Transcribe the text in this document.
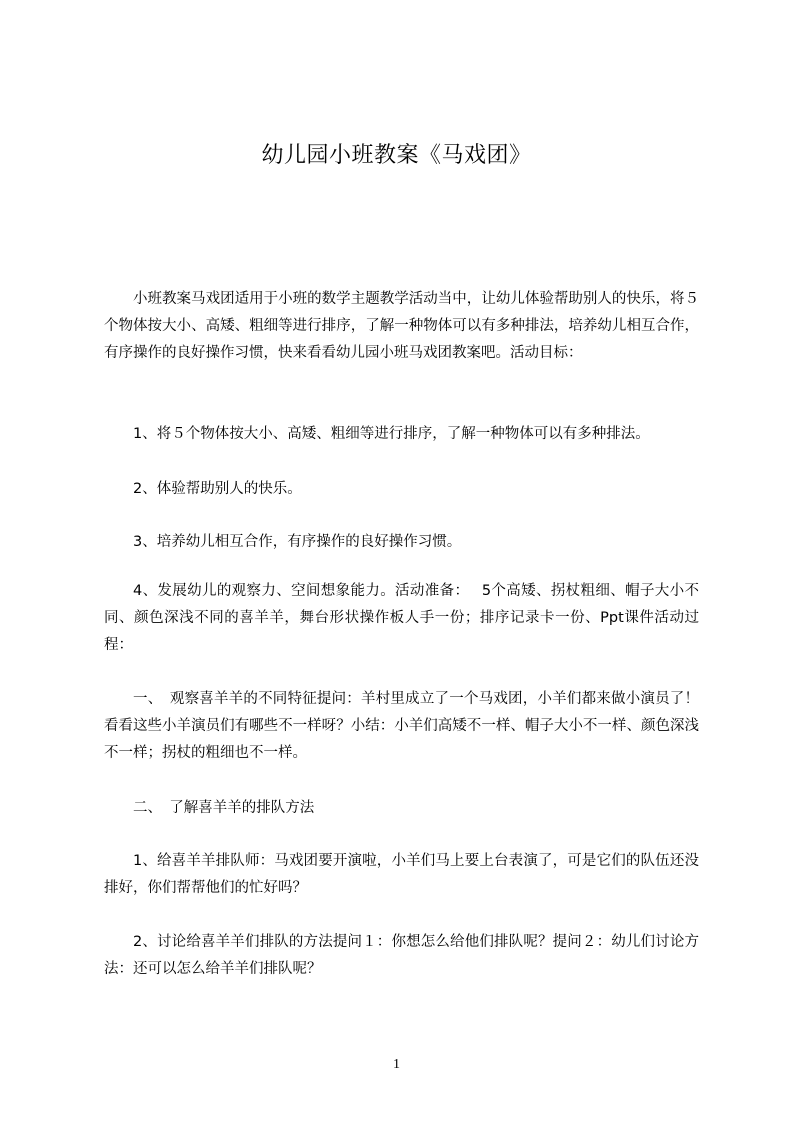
幼儿园小班教案《马戏团》

小班教案马戏团适用于小班的数学主题教学活动当中，让幼儿体验帮助别人的快乐，将５个物体按大小、高矮、粗细等进行排序，了解一种物体可以有多种排法，培养幼儿相互合作，有序操作的良好操作习惯，快来看看幼儿园小班马戏团教案吧。活动目标：

1、将５个物体按大小、高矮、粗细等进行排序，了解一种物体可以有多种排法。

2、体验帮助别人的快乐。

3、培养幼儿相互合作，有序操作的良好操作习惯。

4、发展幼儿的观察力、空间想象能力。活动准备：　 5个高矮、拐杖粗细、帽子大小不同、颜色深浅不同的喜羊羊，舞台形状操作板人手一份；排序记录卡一份、Ppt课件活动过程：

一、　观察喜羊羊的不同特征提问：羊村里成立了一个马戏团，小羊们都来做小演员了！看看这些小羊演员们有哪些不一样呀？小结：小羊们高矮不一样、帽子大小不一样、颜色深浅不一样；拐杖的粗细也不一样。

二、　了解喜羊羊的排队方法

1、给喜羊羊排队师：马戏团要开演啦，小羊们马上要上台表演了，可是它们的队伍还没排好，你们帮帮他们的忙好吗？

2、讨论给喜羊羊们排队的方法提问１：你想怎么给他们排队呢？提问２：幼儿们讨论方法：还可以怎么给羊羊们排队呢？

1
